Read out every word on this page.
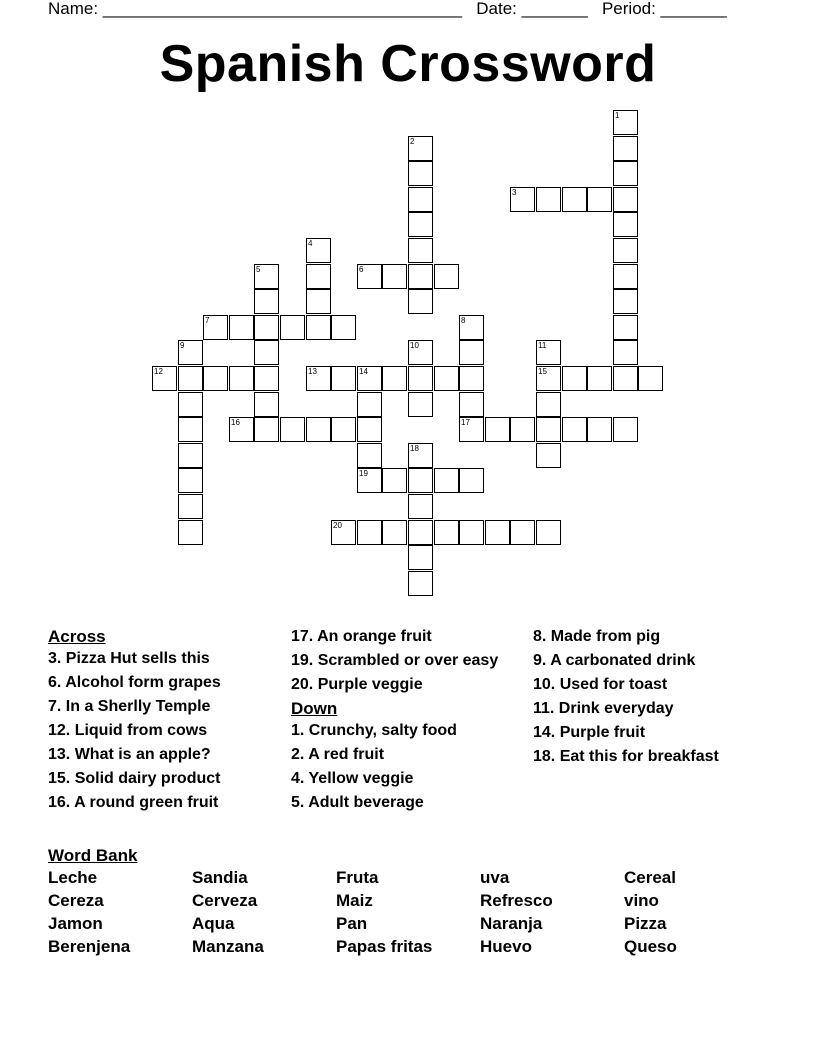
Name: ______________________________________ Date: _______ Period: _______
Spanish Crossword
1
2
3
4
5	6
7	8
17
9	10	11
15
12	13	14
16
18
19
20
Across
3. Pizza Hut sells this
6. Alcohol form grapes
7. In a Sherlly Temple
12. Liquid from cows
13. What is an apple?
15. Solid dairy product
16. A round green fruit
17. An orange fruit
19. Scrambled or over easy
20. Purple veggie
Down
1. Crunchy, salty food
2. A red fruit
4. Yellow veggie
5. Adult beverage
8. Made from pig
9. A carbonated drink
10. Used for toast
11. Drink everyday
14. Purple fruit
18. Eat this for breakfast
Word Bank
Leche	Sandia	Fruta	uva	Cereal
Cereza	Cerveza	Maiz	Refresco	vino
Jamon	Aqua	Pan	Naranja	Pizza
Berenjena	Manzana	Papas fritas	Huevo	Queso
